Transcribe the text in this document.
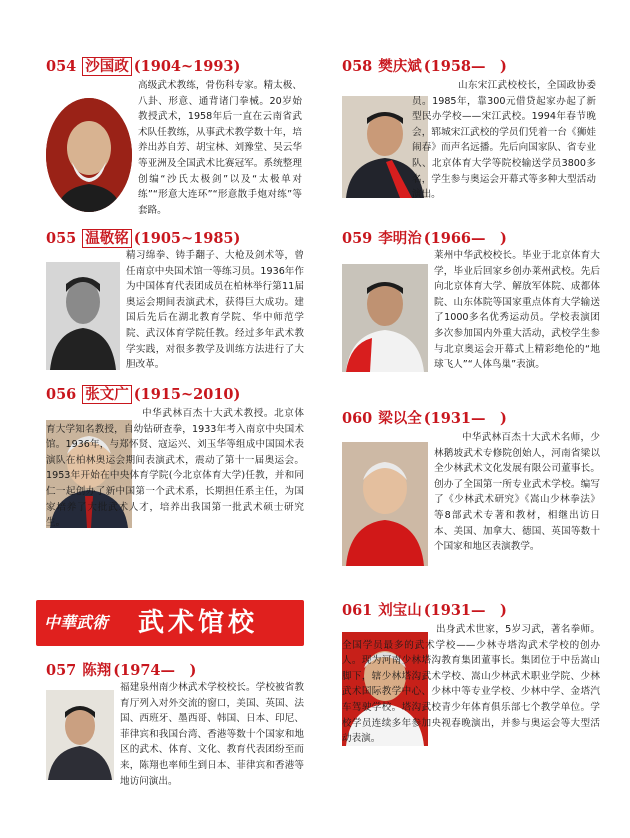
054 沙国政 (1904~1993)
高级武术教练，骨伤科专家。精太极、八卦、形意、通背诸门拳械。20岁始教授武术，1958年后一直在云南省武术队任教练，从事武术教学数十年，培养出苏自芳、胡宝林、刘豫堂、吴云华等亚洲及全国武术比赛冠军。系统整理创编“沙氏太极剑”以及“太极单对练”“形意大连环”“形意散手炮对练”等套路。
055 温敬铭 (1905~1985)
精习绵拳、铸手翻子、大枪及剑术等，曾任南京中央国术馆一等练习员。1936年作为中国体育代表团成员在柏林举行第11届奥运会期间表演武术，获得巨大成功。建国后先后在湖北教育学院、华中师范学院、武汉体育学院任教。经过多年武术教学实践，对很多教学及训练方法进行了大胆改革。
056 张文广 (1915~2010)
中华武林百杰十大武术教授。北京体育大学知名教授，自幼钻研查拳，1933年考入南京中央国术馆。1936年，与郑怀贤、寇运兴、刘玉华等组成中国国术表演队在柏林奥运会期间表演武术，震动了第十一届奥运会。1953年开始在中央体育学院(今北京体育大学)任教，并和同仁一起创办了新中国第一个武术系，长期担任系主任，为国家培养了大批武术人才，培养出我国第一批武术硕士研究生。
中華武術	武术馆校
057 陈翔 (1974—　)
福建泉州南少林武术学校校长。学校被省教育厅列入对外交流的窗口，美国、英国、法国、西班牙、墨西哥、韩国、日本、印尼、菲律宾和我国台湾、香港等数十个国家和地区的武术、体育、文化、教育代表团纷至而来，陈翔也率师生到日本、菲律宾和香港等地访问演出。
058 樊庆斌 (1958—　)
山东宋江武校校长，全国政协委员。1985年，靠300元借贷起家办起了新型民办学校——宋江武校。1994年春节晚会，郓城宋江武校的学员们凭着一台《狮娃闹春》而声名远播。先后向国家队、省专业队、北京体育大学等院校输送学员3800多名，学生参与奥运会开幕式等多种大型活动演出。
059 李明治 (1966—　)
莱州中华武校校长。毕业于北京体育大学，毕业后回家乡创办莱州武校。先后向北京体育大学、解放军体院、成都体院、山东体院等国家重点体育大学输送了1000多名优秀运动员。学校表演团多次参加国内外重大活动，武校学生参与北京奥运会开幕式上精彩绝伦的“地球飞人”“人体鸟巢”表演。
060 梁以全 (1931—　)
中华武林百杰十大武术名师，少林鹅坡武术专修院创始人，河南省梁以全少林武术文化发展有限公司董事长。创办了全国第一所专业武术学校。编写了《少林武术研究》《嵩山少林拳法》等8部武术专著和教材，相继出访日本、美国、加拿大、德国、英国等数十个国家和地区表演教学。
061 刘宝山 (1931—　)
出身武术世家，5岁习武，著名拳师。全国学员最多的武术学校——少林寺塔沟武术学校的创办人。现为河南少林塔沟教育集团董事长。集团位于中岳嵩山脚下，辖少林塔沟武术学校、嵩山少林武术职业学院、少林武术国际教学中心、少林中等专业学校、少林中学、金塔汽车驾驶学校。塔沟武校青少年体育俱乐部七个教学单位。学校学员连续多年参加央视春晚演出，并参与奥运会等大型活动表演。
